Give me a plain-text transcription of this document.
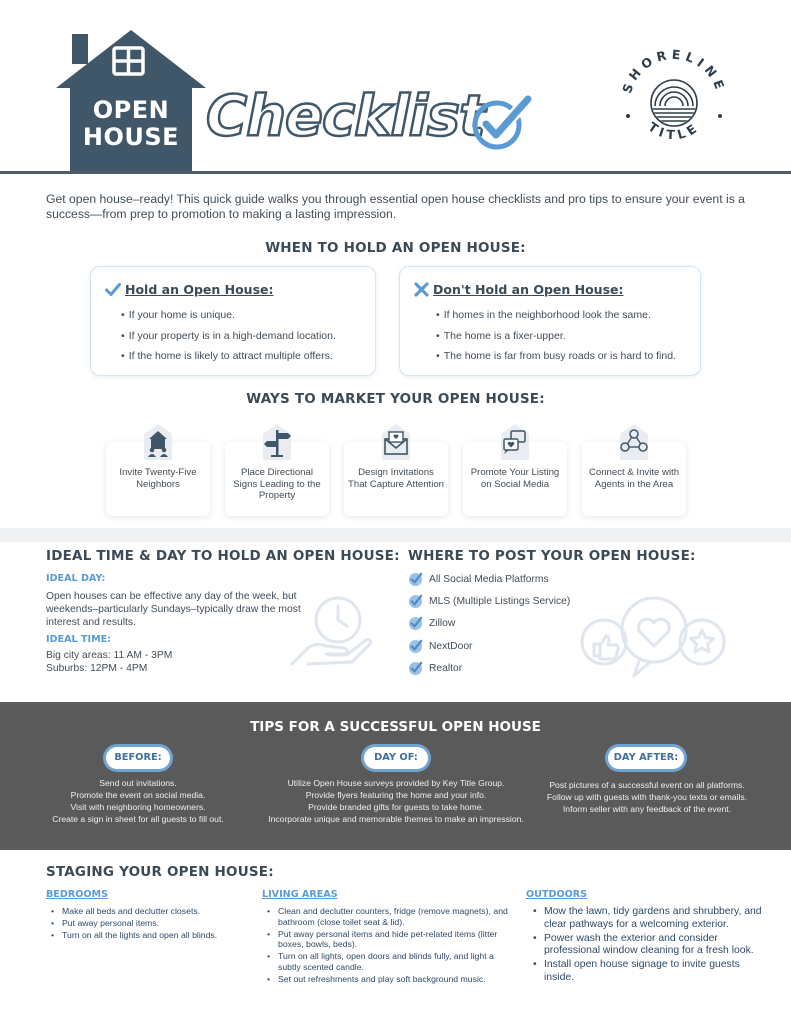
OPEN
HOUSE Checklist	SHORELINE
TITLE

Get open house–ready! This quick guide walks you through essential open house checklists and pro tips to ensure your event is a success—from prep to promotion to making a lasting impression.

WHEN TO HOLD AN OPEN HOUSE:
Hold an Open House:
• If your home is unique.
• If your property is in a high-demand location.
• If the home is likely to attract multiple offers.
Don't Hold an Open House:
• If homes in the neighborhood look the same.
• The home is a fixer-upper.
• The home is far from busy roads or is hard to find.
WAYS TO MARKET YOUR OPEN HOUSE:
Invite Twenty-Five Neighbors
Place Directional Signs Leading to the Property
Design Invitations That Capture Attention
Promote Your Listing on Social Media
Connect & Invite with Agents in the Area
IDEAL TIME & DAY TO HOLD AN OPEN HOUSE:
IDEAL DAY:

Open houses can be effective any day of the week, but weekends–particularly Sundays–typically draw the most interest and results.

IDEAL TIME:

Big city areas: 11 AM - 3PM

Suburbs: 12PM - 4PM

WHERE TO POST YOUR OPEN HOUSE:
All Social Media Platforms
MLS (Multiple Listings Service)
Zillow
NextDoor
Realtor
TIPS FOR A SUCCESSFUL OPEN HOUSE
BEFORE:	DAY OF:	DAY AFTER:
Send out invitations.
Promote the event on social media.
Visit with neighboring homeowners.
Create a sign in sheet for all guests to fill out.
Utilize Open House surveys provided by Key Title Group.
Provide flyers featuring the home and your info.
Provide branded gifts for guests to take home.
Incorporate unique and memorable themes to make an impression.
Post pictures of a successful event on all platforms.
Follow up with guests with thank-you texts or emails.
Inform seller with any feedback of the event.
STAGING YOUR OPEN HOUSE:
BEDROOMS
• Make all beds and declutter closets.
• Put away personal items.
• Turn on all the lights and open all blinds.
LIVING AREAS
• Clean and declutter counters, fridge (remove magnets), and bathroom (close toilet seat & lid).
• Put away personal items and hide pet-related items (litter boxes, bowls, beds).
• Turn on all lights, open doors and blinds fully, and light a subtly scented candle.
• Set out refreshments and play soft background music.
OUTDOORS
• Mow the lawn, tidy gardens and shrubbery, and clear pathways for a welcoming exterior.
• Power wash the exterior and consider professional window cleaning for a fresh look.
• Install open house signage to invite guests inside.
